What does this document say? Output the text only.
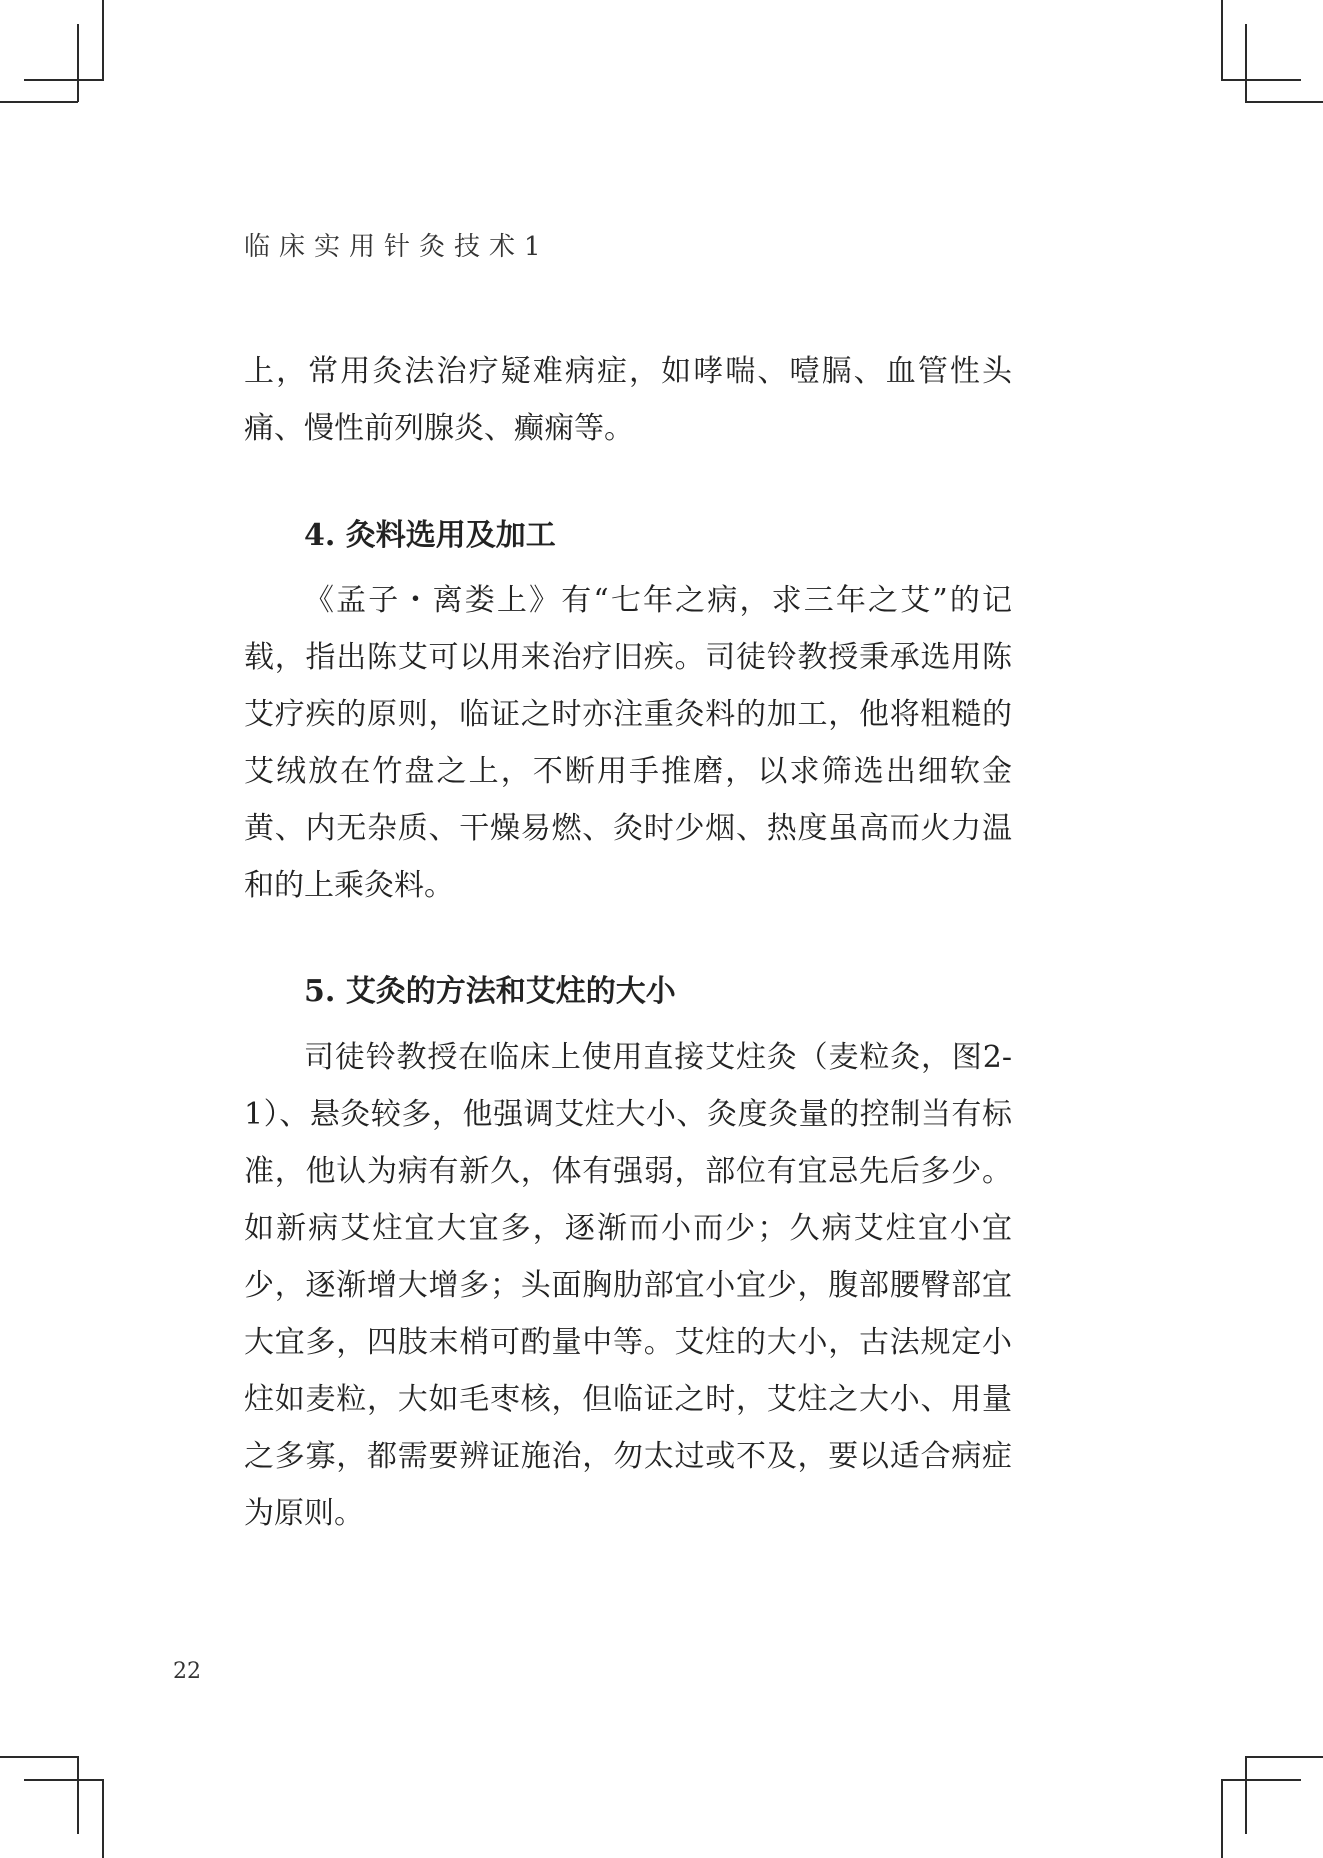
临床实用针灸技术1

上，常用灸法治疗疑难病症，如哮喘、噎膈、血管性头痛、慢性前列腺炎、癫痫等。

4. 灸料选用及加工

《孟子・离娄上》有“七年之病，求三年之艾”的记载，指出陈艾可以用来治疗旧疾。司徒铃教授秉承选用陈艾疗疾的原则，临证之时亦注重灸料的加工，他将粗糙的艾绒放在竹盘之上，不断用手推磨，以求筛选出细软金黄、内无杂质、干燥易燃、灸时少烟、热度虽高而火力温和的上乘灸料。

5. 艾灸的方法和艾炷的大小

司徒铃教授在临床上使用直接艾炷灸（麦粒灸，图2-1）、悬灸较多，他强调艾炷大小、灸度灸量的控制当有标准，他认为病有新久，体有强弱，部位有宜忌先后多少。如新病艾炷宜大宜多，逐渐而小而少；久病艾炷宜小宜少，逐渐增大增多；头面胸肋部宜小宜少，腹部腰臀部宜大宜多，四肢末梢可酌量中等。艾炷的大小，古法规定小炷如麦粒，大如毛枣核，但临证之时，艾炷之大小、用量之多寡，都需要辨证施治，勿太过或不及，要以适合病症为原则。

22
